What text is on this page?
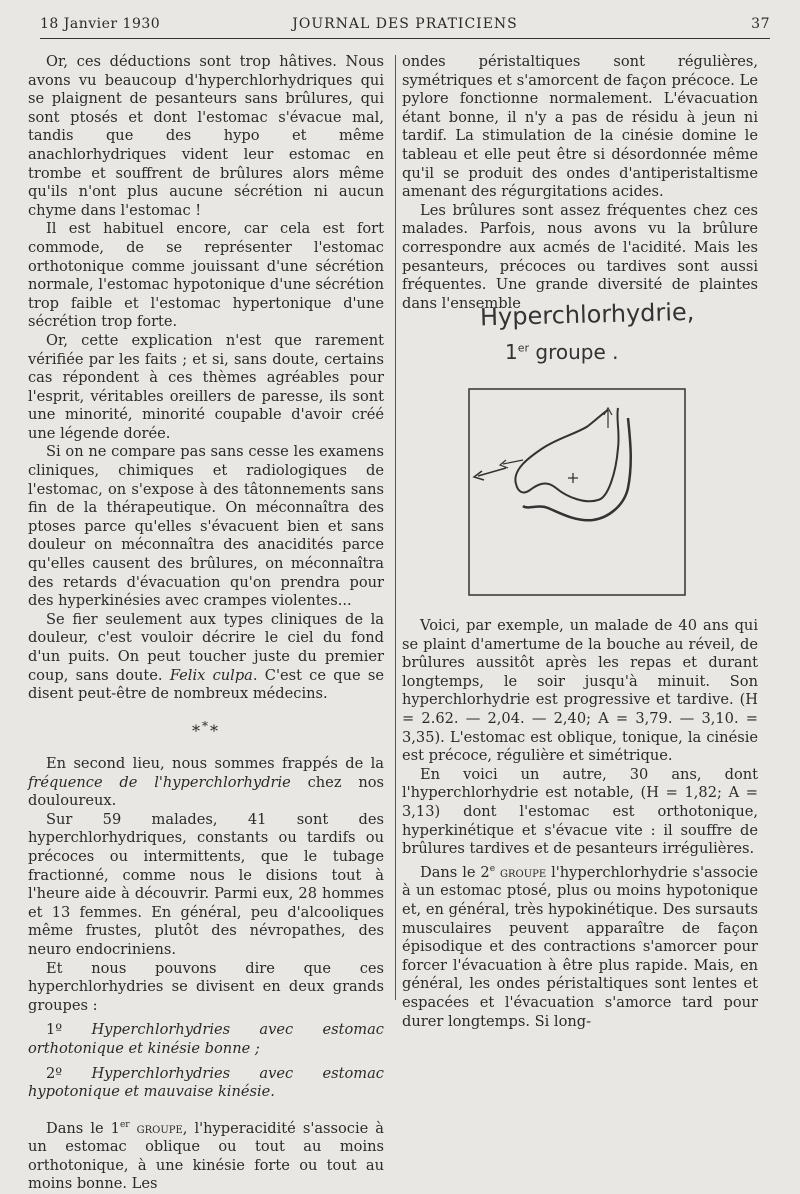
18 Janvier 1930	JOURNAL DES PRATICIENS	37

Or, ces déductions sont trop hâtives. Nous avons vu beaucoup d'hyperchlorhydriques qui se plaignent de pesanteurs sans brûlures, qui sont ptosés et dont l'estomac s'évacue mal, tandis que des hypo et même anachlorhydriques vident leur estomac en trombe et souffrent de brûlures alors même qu'ils n'ont plus aucune sécrétion ni aucun chyme dans l'estomac !

Il est habituel encore, car cela est fort commode, de se représenter l'estomac orthotonique comme jouissant d'une sécrétion normale, l'estomac hypotonique d'une sécrétion trop faible et l'estomac hypertonique d'une sécrétion trop forte.

Or, cette explication n'est que rarement vérifiée par les faits ; et si, sans doute, certains cas répondent à ces thèmes agréables pour l'esprit, véritables oreillers de paresse, ils sont une minorité, minorité coupable d'avoir créé une légende dorée.

Si on ne compare pas sans cesse les examens cliniques, chimiques et radiologiques de l'estomac, on s'expose à des tâtonnements sans fin de la thérapeutique. On méconnaîtra des ptoses parce qu'elles s'évacuent bien et sans douleur on méconnaîtra des anacidités parce qu'elles causent des brûlures, on méconnaîtra des retards d'évacuation qu'on prendra pour des hyperkinésies avec crampes violentes...

Se fier seulement aux types cliniques de la douleur, c'est vouloir décrire le ciel du fond d'un puits. On peut toucher juste du premier coup, sans doute. Felix culpa. C'est ce que se disent peut-être de nombreux médecins.

***

En second lieu, nous sommes frappés de la fréquence de l'hyperchlorhydrie chez nos douloureux.

Sur 59 malades, 41 sont des hyperchlorhydriques, constants ou tardifs ou précoces ou intermittents, que le tubage fractionné, comme nous le disions tout à l'heure aide à découvrir. Parmi eux, 28 hommes et 13 femmes. En général, peu d'alcooliques même frustes, plutôt des névropathes, des neuro endocriniens.

Et nous pouvons dire que ces hyperchlorhydries se divisent en deux grands groupes :

1º Hyperchlorhydries avec estomac orthotonique et kinésie bonne ;

2º Hyperchlorhydries avec estomac hypotonique et mauvaise kinésie.

Dans le 1er groupe, l'hyperacidité s'associe à un estomac oblique ou tout au moins orthotonique, à une kinésie forte ou tout au moins bonne. Les

ondes péristaltiques sont régulières, symétriques et s'amorcent de façon précoce. Le pylore fonctionne normalement. L'évacuation étant bonne, il n'y a pas de résidu à jeun ni tardif. La stimulation de la cinésie domine le tableau et elle peut être si désordonnée même qu'il se produit des ondes d'antiperistaltisme amenant des régurgitations acides.

Les brûlures sont assez fréquentes chez ces malades. Parfois, nous avons vu la brûlure correspondre aux acmés de l'acidité. Mais les pesanteurs, précoces ou tardives sont aussi fréquentes. Une grande diversité de plaintes dans l'ensemble

Hyperchlorhydrie,
1er groupe .

Voici, par exemple, un malade de 40 ans qui se plaint d'amertume de la bouche au réveil, de brûlures aussitôt après les repas et durant longtemps, le soir jusqu'à minuit. Son hyperchlorhydrie est progressive et tardive. (H = 2.62. — 2,04. — 2,40; A = 3,79. — 3,10. = 3,35). L'estomac est oblique, tonique, la cinésie est précoce, régulière et simétrique.

En voici un autre, 30 ans, dont l'hyperchlorhydrie est notable, (H = 1,82; A = 3,13) dont l'estomac est orthotonique, hyperkinétique et s'évacue vite : il souffre de brûlures tardives et de pesanteurs irrégulières.

Dans le 2e groupe l'hyperchlorhydrie s'associe à un estomac ptosé, plus ou moins hypotonique et, en général, très hypokinétique. Des sursauts musculaires peuvent apparaître de façon épisodique et des contractions s'amorcer pour forcer l'évacuation à être plus rapide. Mais, en général, les ondes péristaltiques sont lentes et espacées et l'évacuation s'amorce tard pour durer longtemps. Si long-
